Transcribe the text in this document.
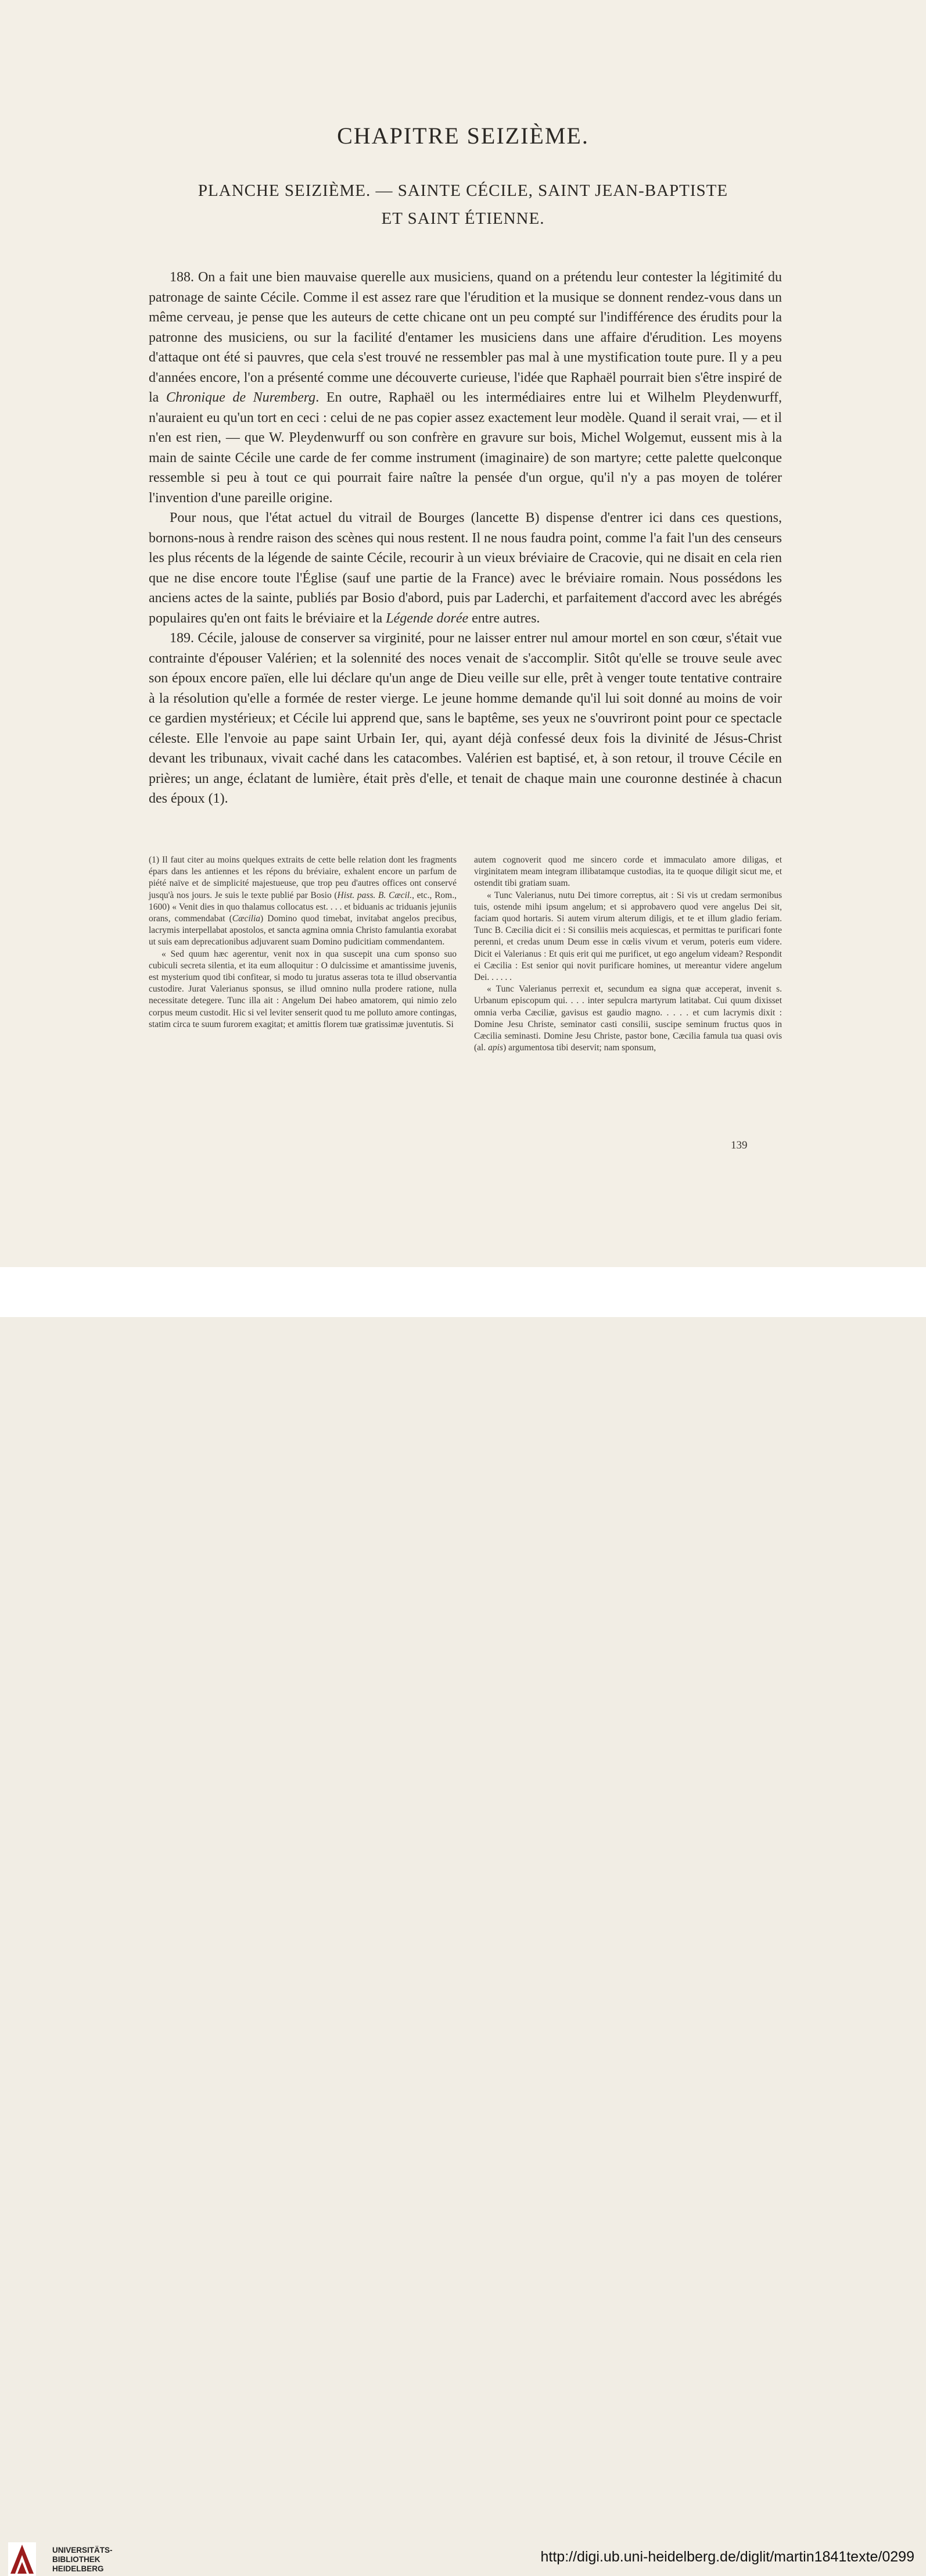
CHAPITRE SEIZIÈME.
PLANCHE SEIZIÈME. — SAINTE CÉCILE, SAINT JEAN-BAPTISTE
ET SAINT ÉTIENNE.

188. On a fait une bien mauvaise querelle aux musiciens, quand on a prétendu leur contester la légitimité du patronage de sainte Cécile. Comme il est assez rare que l'érudition et la musique se donnent rendez-vous dans un même cerveau, je pense que les auteurs de cette chicane ont un peu compté sur l'indifférence des érudits pour la patronne des musiciens, ou sur la facilité d'entamer les musiciens dans une affaire d'érudition. Les moyens d'attaque ont été si pauvres, que cela s'est trouvé ne ressembler pas mal à une mystification toute pure. Il y a peu d'années encore, l'on a présenté comme une découverte curieuse, l'idée que Raphaël pourrait bien s'être inspiré de la Chronique de Nuremberg. En outre, Raphaël ou les intermédiaires entre lui et Wilhelm Pleydenwurff, n'auraient eu qu'un tort en ceci : celui de ne pas copier assez exactement leur modèle. Quand il serait vrai, — et il n'en est rien, — que W. Pleydenwurff ou son confrère en gravure sur bois, Michel Wolgemut, eussent mis à la main de sainte Cécile une carde de fer comme instrument (imaginaire) de son martyre; cette palette quelconque ressemble si peu à tout ce qui pourrait faire naître la pensée d'un orgue, qu'il n'y a pas moyen de tolérer l'invention d'une pareille origine.

Pour nous, que l'état actuel du vitrail de Bourges (lancette B) dispense d'entrer ici dans ces questions, bornons-nous à rendre raison des scènes qui nous restent. Il ne nous faudra point, comme l'a fait l'un des censeurs les plus récents de la légende de sainte Cécile, recourir à un vieux bréviaire de Cracovie, qui ne disait en cela rien que ne dise encore toute l'Église (sauf une partie de la France) avec le bréviaire romain. Nous possédons les anciens actes de la sainte, publiés par Bosio d'abord, puis par Laderchi, et parfaitement d'accord avec les abrégés populaires qu'en ont faits le bréviaire et la Légende dorée entre autres.

189. Cécile, jalouse de conserver sa virginité, pour ne laisser entrer nul amour mortel en son cœur, s'était vue contrainte d'épouser Valérien; et la solennité des noces venait de s'accomplir. Sitôt qu'elle se trouve seule avec son époux encore païen, elle lui déclare qu'un ange de Dieu veille sur elle, prêt à venger toute tentative contraire à la résolution qu'elle a formée de rester vierge. Le jeune homme demande qu'il lui soit donné au moins de voir ce gardien mystérieux; et Cécile lui apprend que, sans le baptême, ses yeux ne s'ouvriront point pour ce spectacle céleste. Elle l'envoie au pape saint Urbain Ier, qui, ayant déjà confessé deux fois la divinité de Jésus-Christ devant les tribunaux, vivait caché dans les catacombes. Valérien est baptisé, et, à son retour, il trouve Cécile en prières; un ange, éclatant de lumière, était près d'elle, et tenait de chaque main une couronne destinée à chacun des époux (1).

(1) Il faut citer au moins quelques extraits de cette belle relation dont les fragments épars dans les antiennes et les répons du bréviaire, exhalent encore un parfum de piété naïve et de simplicité majestueuse, que trop peu d'autres offices ont conservé jusqu'à nos jours. Je suis le texte publié par Bosio (Hist. pass. B. Cæcil., etc., Rom., 1600) « Venit dies in quo thalamus collocatus est. . . . et biduanis ac triduanis jejuniis orans, commendabat (Cæcilia) Domino quod timebat, invitabat angelos precibus, lacrymis interpellabat apostolos, et sancta agmina omnia Christo famulantia exorabat ut suis eam deprecationibus adjuvarent suam Domino pudicitiam commendantem.

« Sed quum hæc agerentur, venit nox in qua suscepit una cum sponso suo cubiculi secreta silentia, et ita eum alloquitur : O dulcissime et amantissime juvenis, est mysterium quod tibi confitear, si modo tu juratus asseras tota te illud observantia custodire. Jurat Valerianus sponsus, se illud omnino nulla prodere ratione, nulla necessitate detegere. Tunc illa ait : Angelum Dei habeo amatorem, qui nimio zelo corpus meum custodit. Hic si vel leviter senserit quod tu me polluto amore contingas, statim circa te suum furorem exagitat; et amittis florem tuæ gratissimæ juventutis. Si

autem cognoverit quod me sincero corde et immaculato amore diligas, et virginitatem meam integram illibatamque custodias, ita te quoque diligit sicut me, et ostendit tibi gratiam suam.

« Tunc Valerianus, nutu Dei timore correptus, ait : Si vis ut credam sermonibus tuis, ostende mihi ipsum angelum; et si approbavero quod vere angelus Dei sit, faciam quod hortaris. Si autem virum alterum diligis, et te et illum gladio feriam. Tunc B. Cæcilia dicit ei : Si consiliis meis acquiescas, et permittas te purificari fonte perenni, et credas unum Deum esse in cœlis vivum et verum, poteris eum videre. Dicit ei Valerianus : Et quis erit qui me purificet, ut ego angelum videam? Respondit ei Cæcilia : Est senior qui novit purificare homines, ut mereantur videre angelum Dei. . . . . .

« Tunc Valerianus perrexit et, secundum ea signa quæ acceperat, invenit s. Urbanum episcopum qui. . . . inter sepulcra martyrum latitabat. Cui quum dixisset omnia verba Cæciliæ, gavisus est gaudio magno. . . . . et cum lacrymis dixit : Domine Jesu Christe, seminator casti consilii, suscipe seminum fructus quos in Cæcilia seminasti. Domine Jesu Christe, pastor bone, Cæcilia famula tua quasi ovis (al. apis) argumentosa tibi deservit; nam sponsum,

139
UNIVERSITÄTS-
BIBLIOTHEK
HEIDELBERG
http://digi.ub.uni-heidelberg.de/diglit/martin1841texte/0299
